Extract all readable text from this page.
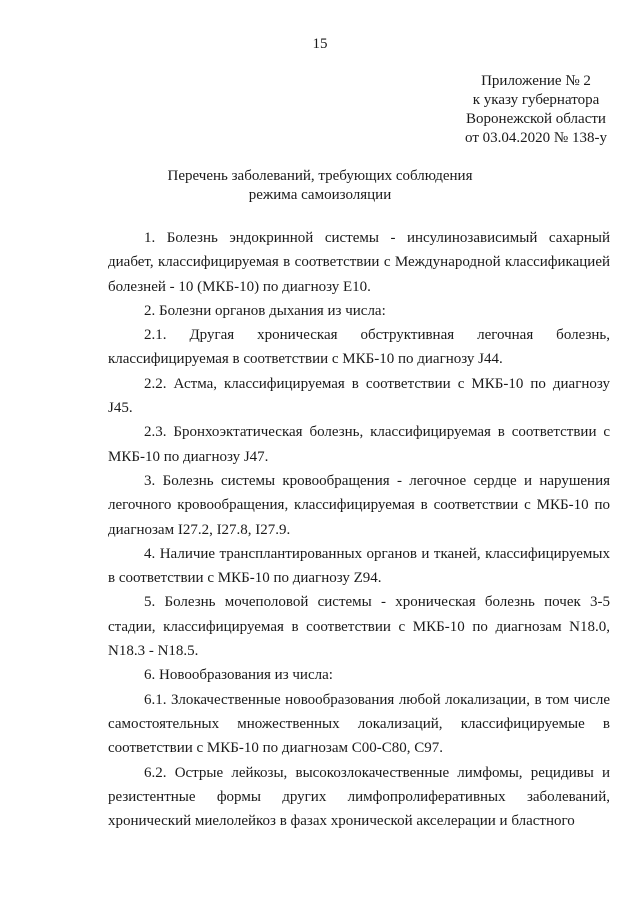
15
Приложение № 2
к указу губернатора
Воронежской области
от 03.04.2020 № 138-у
Перечень заболеваний, требующих соблюдения
режима самоизоляции

1. Болезнь эндокринной системы - инсулинозависимый сахарный диабет, классифицируемая в соответствии с Международной классификацией болезней - 10 (МКБ-10) по диагнозу E10.

2. Болезни органов дыхания из числа:

2.1. Другая хроническая обструктивная легочная болезнь, классифицируемая в соответствии с МКБ-10 по диагнозу J44.

2.2. Астма, классифицируемая в соответствии с МКБ-10 по диагнозу J45.

2.3. Бронхоэктатическая болезнь, классифицируемая в соответствии с МКБ-10 по диагнозу J47.

3. Болезнь системы кровообращения - легочное сердце и нарушения легочного кровообращения, классифицируемая в соответствии с МКБ-10 по диагнозам I27.2, I27.8, I27.9.

4. Наличие трансплантированных органов и тканей, классифицируемых в соответствии с МКБ-10 по диагнозу Z94.

5. Болезнь мочеполовой системы - хроническая болезнь почек 3-5 стадии, классифицируемая в соответствии с МКБ-10 по диагнозам N18.0, N18.3 - N18.5.

6. Новообразования из числа:

6.1. Злокачественные новообразования любой локализации, в том числе самостоятельных множественных локализаций, классифицируемые в соответствии с МКБ-10 по диагнозам C00-C80, C97.

6.2. Острые лейкозы, высокозлокачественные лимфомы, рецидивы и резистентные формы других лимфопролиферативных заболеваний, хронический миелолейкоз в фазах хронической акселерации и бластного
